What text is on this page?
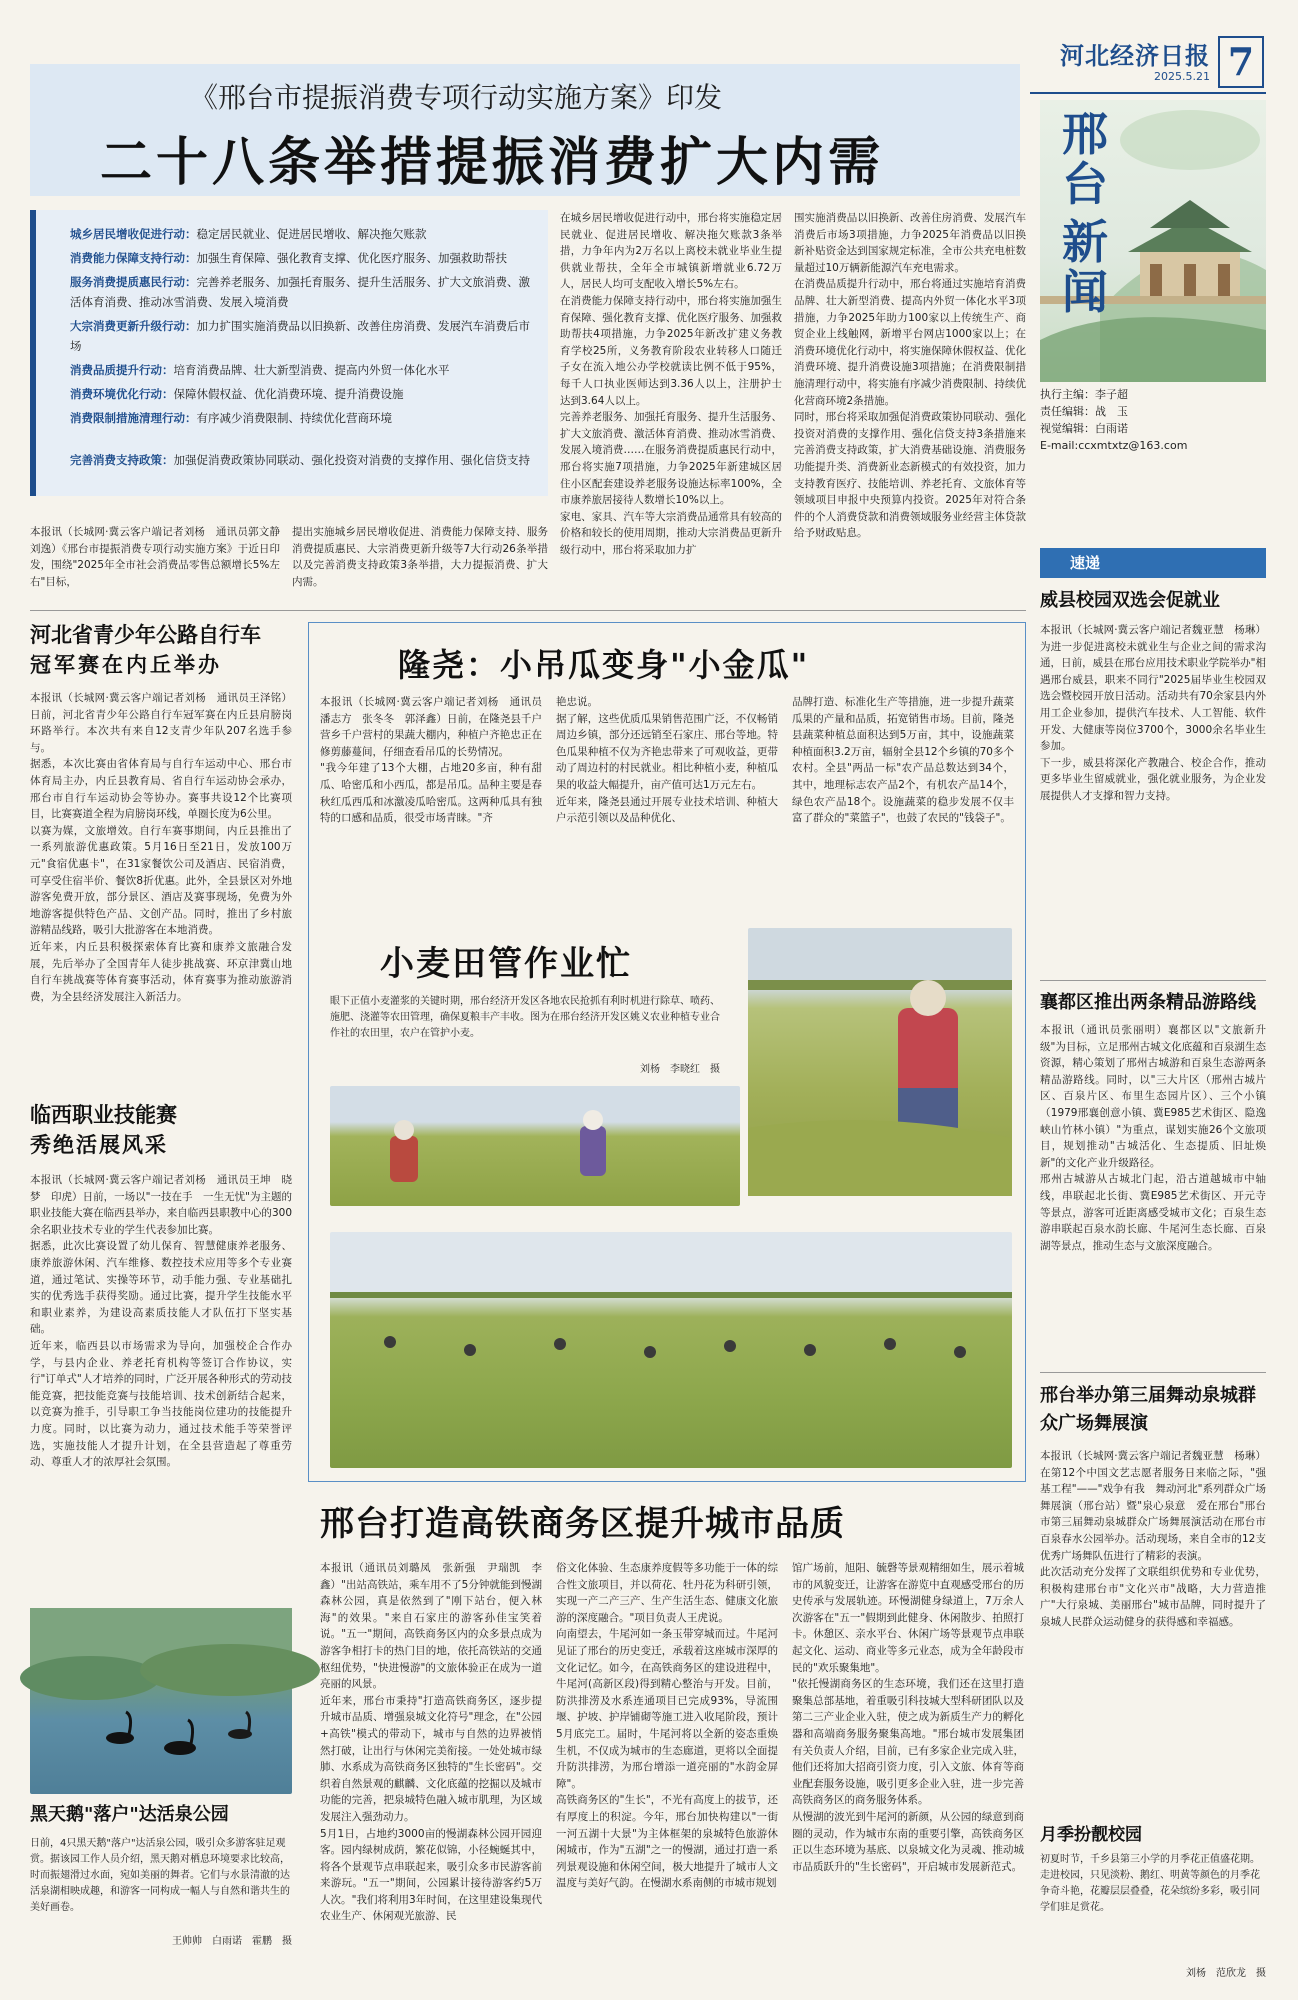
河北经济日报
2025.5.21 7
邢
台
新
闻
执行主编：李子超
责任编辑：战　玉
视觉编辑：白雨诺
E-mail:ccxmtxtz@163.com
《邢台市提振消费专项行动实施方案》印发
二十八条举措提振消费扩大内需
城乡居民增收促进行动：稳定居民就业、促进居民增收、解决拖欠账款
消费能力保障支持行动：加强生育保障、强化教育支撑、优化医疗服务、加强救助帮扶
服务消费提质惠民行动：完善养老服务、加强托育服务、提升生活服务、扩大文旅消费、激活体育消费、推动冰雪消费、发展入境消费
大宗消费更新升级行动：加力扩围实施消费品以旧换新、改善住房消费、发展汽车消费后市场
消费品质提升行动：培育消费品牌、壮大新型消费、提高内外贸一体化水平
消费环境优化行动：保障休假权益、优化消费环境、提升消费设施
消费限制措施清理行动：有序减少消费限制、持续优化营商环境
完善消费支持政策：加强促消费政策协同联动、强化投资对消费的支撑作用、强化信贷支持
本报讯（长城网·冀云客户端记者刘杨　通讯员郭文静　刘逸）《邢台市提振消费专项行动实施方案》于近日印发，围绕"2025年全市社会消费品零售总额增长5%左右"目标，
提出实施城乡居民增收促进、消费能力保障支持、服务消费提质惠民、大宗消费更新升级等7大行动26条举措以及完善消费支持政策3条举措，大力提振消费、扩大内需。
在城乡居民增收促进行动中，邢台将实施稳定居民就业、促进居民增收、解决拖欠账款3条举措，力争年内为2万名以上离校未就业毕业生提供就业帮扶，全年全市城镇新增就业6.72万人，居民人均可支配收入增长5%左右。
在消费能力保障支持行动中，邢台将实施加强生育保障、强化教育支撑、优化医疗服务、加强救助帮扶4项措施，力争2025年新改扩建义务教育学校25所，义务教育阶段农业转移人口随迁子女在流入地公办学校就读比例不低于95%，每千人口执业医师达到3.36人以上，注册护士达到3.64人以上。
完善养老服务、加强托育服务、提升生活服务、扩大文旅消费、激活体育消费、推动冰雪消费、发展入境消费……在服务消费提质惠民行动中，邢台将实施7项措施，力争2025年新建城区居住小区配套建设养老服务设施达标率100%，全市康养旅居接待人数增长10%以上。
家电、家具、汽车等大宗消费品通常具有较高的价格和较长的使用周期，推动大宗消费品更新升级行动中，邢台将采取加力扩
围实施消费品以旧换新、改善住房消费、发展汽车消费后市场3项措施，力争2025年消费品以旧换新补贴资金达到国家规定标准，全市公共充电桩数量超过10万辆新能源汽车充电需求。
在消费品质提升行动中，邢台将通过实施培育消费品牌、壮大新型消费、提高内外贸一体化水平3项措施，力争2025年助力100家以上传统生产、商贸企业上线触网，新增平台网店1000家以上；在消费环境优化行动中，将实施保障休假权益、优化消费环境、提升消费设施3项措施；在消费限制措施清理行动中，将实施有序减少消费限制、持续优化营商环境2条措施。
同时，邢台将采取加强促消费政策协同联动、强化投资对消费的支撑作用、强化信贷支持3条措施来完善消费支持政策，扩大消费基础设施、消费服务功能提升类、消费新业态新模式的有效投资，加力支持教育医疗、技能培训、养老托育、文旅体育等领域项目申报中央预算内投资。2025年对符合条件的个人消费贷款和消费领域服务业经营主体贷款给予财政贴息。
速递
威县校园双选会促就业
本报讯（长城网·冀云客户端记者魏亚慧　杨琳）为进一步促进离校未就业生与企业之间的需求沟通，日前，威县在邢台应用技术职业学院举办"相遇邢台威县，职来不同行"2025届毕业生校园双选会暨校园开放日活动。活动共有70余家县内外用工企业参加，提供汽车技术、人工智能、软件开发、大健康等岗位3700个，3000余名毕业生参加。
下一步，威县将深化产教融合、校企合作，推动更多毕业生留威就业，强化就业服务，为企业发展提供人才支撑和智力支持。
襄都区推出两条精品游路线
本报讯（通讯员张丽明）襄都区以"文旅新升级"为目标，立足邢州古城文化底蕴和百泉湖生态资源，精心策划了邢州古城游和百泉生态游两条精品游路线。同时，以"三大片区（邢州古城片区、百泉片区、布里生态园片区）、三个小镇（1979邢襄创意小镇、冀E985艺术街区、隐逸峡山竹林小镇）"为重点，谋划实施26个文旅项目，规划推动"古城活化、生态提质、旧址焕新"的文化产业升级路径。
邢州古城游从古城北门起，沿古道越城市中轴线，串联起北长街、冀E985艺术街区、开元寺等景点，游客可近距离感受城市文化；百泉生态游串联起百泉水韵长廊、牛尾河生态长廊、百泉湖等景点，推动生态与文旅深度融合。
邢台举办第三届舞动泉城群众广场舞展演
本报讯（长城网·冀云客户端记者魏亚慧　杨琳）在第12个中国文艺志愿者服务日来临之际，"强基工程"——"戏争有我　舞动河北"系列群众广场舞展演（邢台站）暨"泉心泉意　爱在邢台"邢台市第三届舞动泉城群众广场舞展演活动在邢台市百泉春水公园举办。活动现场，来自全市的12支优秀广场舞队伍进行了精彩的表演。
此次活动充分发挥了文联组织优势和专业优势，积极构建邢台市"文化兴市"战略，大力营造推广"大行泉城、美丽邢台"城市品牌，同时提升了泉城人民群众运动健身的获得感和幸福感。
河北省青少年公路自行车
冠军赛在内丘举办
本报讯（长城网·冀云客户端记者刘杨　通讯员王泽铭）日前，河北省青少年公路自行车冠军赛在内丘县肩膀岗环路举行。本次共有来自12支青少年队207名选手参与。
据悉，本次比赛由省体育局与自行车运动中心、邢台市体育局主办，内丘县教育局、省自行车运动协会承办，邢台市自行车运动协会等协办。赛事共设12个比赛项目，比赛赛道全程为肩膀岗环线，单圈长度为6公里。
以赛为媒，文旅增效。自行车赛事期间，内丘县推出了一系列旅游优惠政策。5月16日至21日，发放100万元"食宿优惠卡"，在31家餐饮公司及酒店、民宿消费，可享受住宿半价、餐饮8折优惠。此外，全县景区对外地游客免费开放，部分景区、酒店及赛事现场，免费为外地游客提供特色产品、文创产品。同时，推出了乡村旅游精品线路，吸引大批游客在本地消费。
近年来，内丘县积极探索体育比赛和康养文旅融合发展，先后举办了全国青年人徒步挑战赛、环京津冀山地自行车挑战赛等体育赛事活动，体育赛事为推动旅游消费，为全县经济发展注入新活力。
临西职业技能赛
秀绝活展风采
本报讯（长城网·冀云客户端记者刘杨　通讯员王坤　晓梦　印虎）日前，一场以"一技在手　一生无忧"为主题的职业技能大赛在临西县举办，来自临西县职教中心的300余名职业技术专业的学生代表参加比赛。
据悉，此次比赛设置了幼儿保育、智慧健康养老服务、康养旅游休闲、汽车维修、数控技术应用等多个专业赛道，通过笔试、实操等环节，动手能力强、专业基础扎实的优秀选手获得奖励。通过比赛，提升学生技能水平和职业素养，为建设高素质技能人才队伍打下坚实基础。
近年来，临西县以市场需求为导向，加强校企合作办学，与县内企业、养老托育机构等签订合作协议，实行"订单式"人才培养的同时，广泛开展各种形式的劳动技能竞赛，把技能竞赛与技能培训、技术创新结合起来，以竞赛为推手，引导职工争当技能岗位建功的技能提升力度。同时，以比赛为动力，通过技术能手等荣誉评选，实施技能人才提升计划，在全县营造起了尊重劳动、尊重人才的浓厚社会氛围。
黑天鹅"落户"达活泉公园
日前，4只黑天鹅"落户"达活泉公园，吸引众多游客驻足观赏。据该园工作人员介绍，黑天鹅对栖息环境要求比较高，时而振翅滑过水面，宛如美丽的舞者。它们与水景清澈的达活泉湖相映成趣，和游客一同构成一幅人与自然和谐共生的美好画卷。
王帅帅　白雨诺　霍鹏　摄
隆尧：小吊瓜变身"小金瓜"
本报讯（长城网·冀云客户端记者刘杨　通讯员潘志方　张冬冬　郭泽鑫）日前，在隆尧县千户营乡千户营村的果蔬大棚内，种植户齐艳忠正在修剪藤蔓间，仔细查看吊瓜的长势情况。
"我今年建了13个大棚，占地20多亩，种有甜瓜、哈密瓜和小西瓜，都是吊瓜。品种主要是春秋红瓜西瓜和冰激凌瓜哈密瓜。这两种瓜具有独特的口感和品质，很受市场青睐。"齐
艳忠说。
据了解，这些优质瓜果销售范围广泛，不仅畅销周边乡镇，部分还远销至石家庄、邢台等地。特色瓜果种植不仅为齐艳忠带来了可观收益，更带动了周边村的村民就业。相比种植小麦，种植瓜果的收益大幅提升，亩产值可达1万元左右。
近年来，隆尧县通过开展专业技术培训、种植大户示范引领以及品种优化、
品牌打造、标准化生产等措施，进一步提升蔬菜瓜果的产量和品质，拓宽销售市场。目前，隆尧县蔬菜种植总面积达到5万亩，其中，设施蔬菜种植面积3.2万亩，辐射全县12个乡镇的70多个农村。全县"两品一标"农产品总数达到34个，其中，地理标志农产品2个，有机农产品14个，绿色农产品18个。设施蔬菜的稳步发展不仅丰富了群众的"菜篮子"，也鼓了农民的"钱袋子"。
小麦田管作业忙
眼下正值小麦灌浆的关键时期，邢台经济开发区各地农民抢抓有利时机进行除草、喷药、施肥、浇灌等农田管理，确保夏粮丰产丰收。图为在邢台经济开发区姚义农业种植专业合作社的农田里，农户在管护小麦。
刘杨　李晓红　摄
邢台打造高铁商务区提升城市品质
本报讯（通讯员刘璐凤　张新强　尹瑞凯　李鑫）"出站高铁站，乘车用不了5分钟就能到慢湖森林公园，真是依然到了"刚下站台，便入林海"的效果。"来自石家庄的游客孙佳宝笑着说。"五一"期间，高铁商务区内的众多景点成为游客争相打卡的热门目的地，依托高铁站的交通枢纽优势，"快进慢游"的文旅体验正在成为一道亮丽的风景。
近年来，邢台市秉持"打造高铁商务区，逐步提升城市品质、增强泉城文化符号"理念，在"公园+高铁"模式的带动下，城市与自然的边界被悄然打破，让出行与休闲完美衔接。一处处城市绿肺、水系成为高铁商务区独特的"生长密码"。交织着自然景观的麒麟、文化底蕴的挖掘以及城市功能的完善，把泉城特色融入城市肌理，为区域发展注入强劲动力。
5月1日，占地约3000亩的慢湖森林公园开园迎客。园内绿树成荫，繁花似锦，小径蜿蜒其中，将各个景观节点串联起来，吸引众多市民游客前来游玩。"五一"期间，公园累计接待游客约5万人次。"我们将利用3年时间，在这里建设集现代农业生产、休闲观光旅游、民
俗文化体验、生态康养度假等多功能于一体的综合性文旅项目，并以荷花、牡丹花为科研引领，实现一产二产三产、生产生活生态、健康文化旅游的深度融合。"项目负责人王虎说。
向南望去，牛尾河如一条玉带穿城而过。牛尾河见证了邢台的历史变迁，承载着这座城市深厚的文化记忆。如今，在高铁商务区的建设进程中，牛尾河(高新区段)得到精心整治与开发。目前，防洪排涝及水系连通项目已完成93%，导流围堰、护坡、护岸铺砌等施工进入收尾阶段，预计5月底完工。届时，牛尾河将以全新的姿态重焕生机，不仅成为城市的生态廊道，更将以全面提升防洪排涝，为邢台增添一道亮丽的"水韵金屏障"。
高铁商务区的"生长"，不光有高度上的拔节，还有厚度上的积淀。今年，邢台加快构建以"一街一河五湖十大景"为主体框架的泉城特色旅游休闲城市，作为"五湖"之一的慢湖，通过打造一系列景观设施和休闲空间，极大地提升了城市人文温度与美好气韵。在慢湖水系南侧的市城市规划
馆广场前，旭阳、毓磬等景观精细如生，展示着城市的风貌变迁，让游客在游览中直观感受邢台的历史传承与发展轨迹。环慢湖健身绿道上，7万余人次游客在"五一"假期到此健身、休闲散步、拍照打卡。休憩区、亲水平台、休闲广场等景观节点串联起文化、运动、商业等多元业态，成为全年龄段市民的"欢乐聚集地"。
"依托慢湖商务区的生态环境，我们还在这里打造聚集总部基地，着重吸引科技城大型科研团队以及第二三产业企业入驻，使之成为新质生产力的孵化器和高端商务服务聚集高地。"邢台城市发展集团有关负责人介绍，目前，已有多家企业完成入驻，他们还将加大招商引资力度，引入文旅、体育等商业配套服务设施，吸引更多企业入驻，进一步完善高铁商务区的商务服务体系。
从慢湖的波光到牛尾河的新颜，从公园的绿意到商圈的灵动，作为城市东南的重要引擎，高铁商务区正以生态环境为基底、以泉城文化为灵魂、推动城市品质跃升的"生长密码"，开启城市发展新范式。
月季扮靓校园
初夏时节，千乡县第三小学的月季花正值盛花期。走进校园，只见淡粉、鹅红、明黄等颜色的月季花争奇斗艳，花瓣层层叠叠，花朵缤纷多彩，吸引同学们驻足赏花。
刘杨　范欣龙　摄
